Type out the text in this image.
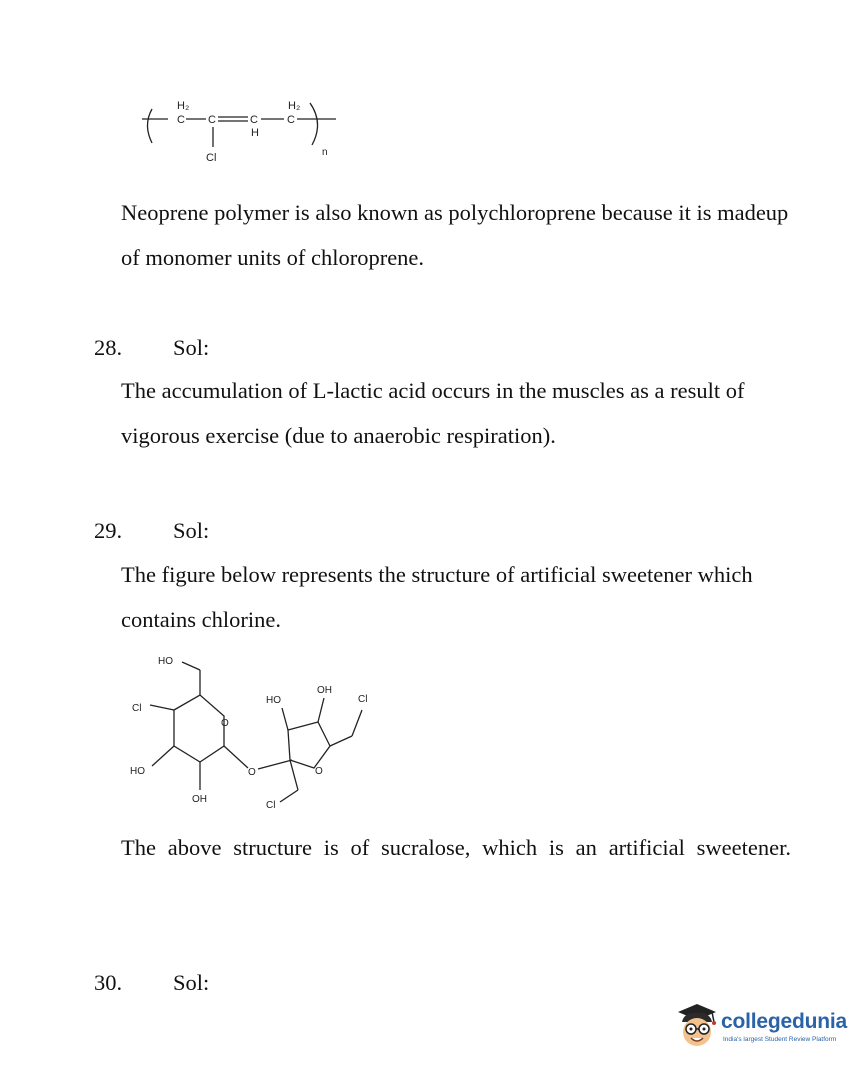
H₂
C C	C
H
H₂
C
n
Cl

Neoprene polymer is also known as polychloroprene because it is madeup of monomer units of chloroprene.

28. Sol:

The accumulation of L-lactic acid occurs in the muscles as a result of vigorous exercise (due to anaerobic respiration).

29. Sol:

The figure below represents the structure of artificial sweetener which contains chlorine.

HO
Cl
O
HO
OH
O
HO
OH
Cl
O
Cl

The above structure is of sucralose, which is an artificial sweetener.

30. Sol:
collegedunia
India's largest Student Review Platform
